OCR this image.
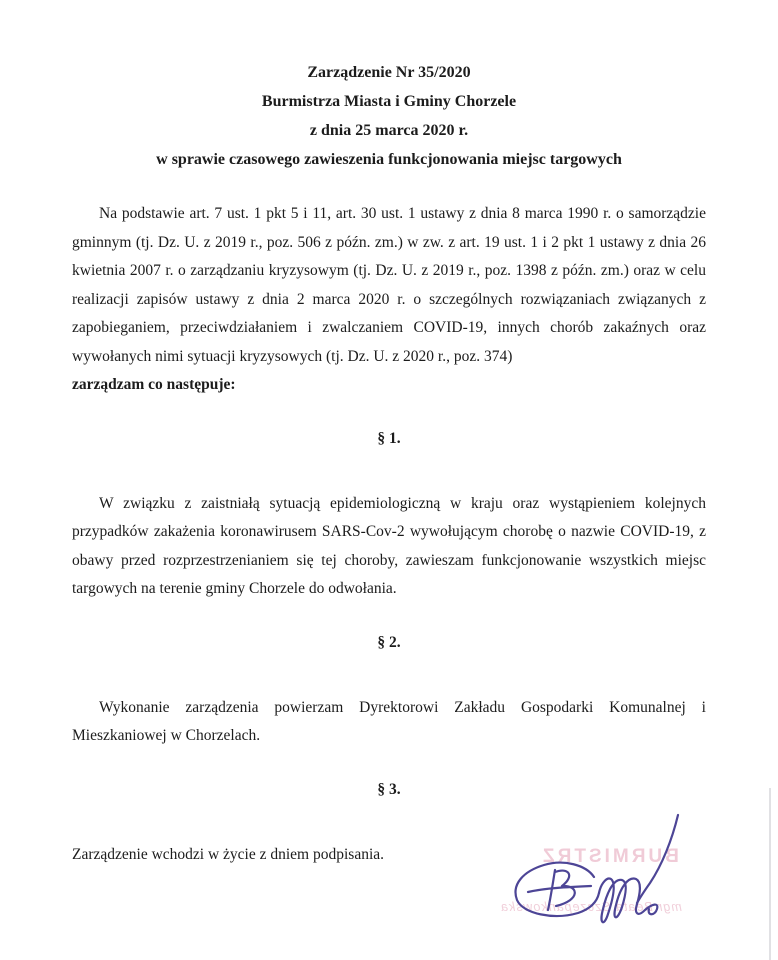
Zarządzenie Nr 35/2020
Burmistrza Miasta i Gminy Chorzele
z dnia 25 marca 2020 r.
w sprawie czasowego zawieszenia funkcjonowania miejsc targowych

Na podstawie art. 7 ust. 1 pkt 5 i 11, art. 30 ust. 1 ustawy z dnia 8 marca 1990 r. o samorządzie gminnym (tj. Dz. U. z 2019 r., poz. 506 z późn. zm.) w zw. z art. 19 ust. 1 i 2 pkt 1 ustawy z dnia 26 kwietnia 2007 r. o zarządzaniu kryzysowym (tj. Dz. U. z 2019 r., poz. 1398 z późn. zm.) oraz w celu realizacji zapisów ustawy z dnia 2 marca 2020 r. o szczególnych rozwiązaniach związanych z zapobieganiem, przeciwdziałaniem i zwalczaniem COVID-19, innych chorób zakaźnych oraz wywołanych nimi sytuacji kryzysowych (tj. Dz. U. z 2020 r., poz. 374)

zarządzam co następuje:

§ 1.

W związku z zaistniałą sytuacją epidemiologiczną w kraju oraz wystąpieniem kolejnych przypadków zakażenia koronawirusem SARS-Cov-2 wywołującym chorobę o nazwie COVID-19, z obawy przed rozprzestrzenianiem się tej choroby, zawieszam funkcjonowanie wszystkich miejsc targowych na terenie gminy Chorzele do odwołania.

§ 2.

Wykonanie zarządzenia powierzam Dyrektorowi Zakładu Gospodarki Komunalnej i Mieszkaniowej w Chorzelach.

§ 3.

Zarządzenie wchodzi w życie z dniem podpisania.	BURMISTRZ
mgr Beata Szczepankowska
